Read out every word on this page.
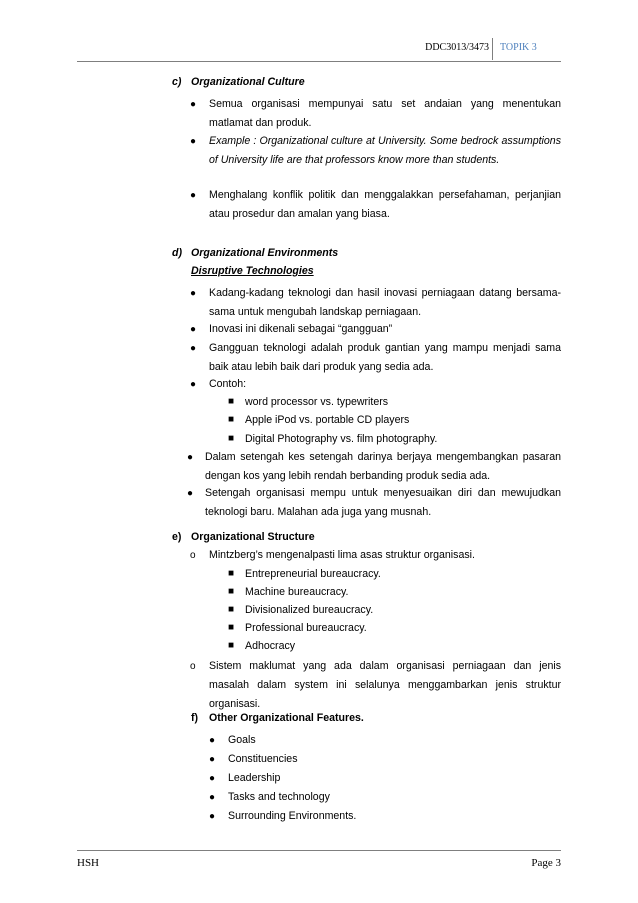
DDC3013/3473 TOPIK 3
c) Organizational Culture
● Semua organisasi mempunyai satu set andaian yang menentukan matlamat dan produk.
● Example : Organizational culture at University. Some bedrock assumptions of University life are that professors know more than students.
● Menghalang konflik politik dan menggalakkan persefahaman, perjanjian atau prosedur dan amalan yang biasa.
d) Organizational Environments
Disruptive Technologies
● Kadang-kadang teknologi dan hasil inovasi perniagaan datang bersama-sama untuk mengubah landskap perniagaan.
● Inovasi ini dikenali sebagai “gangguan”
● Gangguan teknologi adalah produk gantian yang mampu menjadi sama baik atau lebih baik dari produk yang sedia ada.
● Contoh:
■ word processor vs. typewriters
■ Apple iPod vs. portable CD players
■ Digital Photography vs. film photography.
● Dalam setengah kes setengah darinya berjaya mengembangkan pasaran dengan kos yang lebih rendah berbanding produk sedia ada.
● Setengah organisasi mempu untuk menyesuaikan diri dan mewujudkan teknologi baru. Malahan ada juga yang musnah.
e) Organizational Structure
o Mintzberg’s mengenalpasti lima asas struktur organisasi.
■ Entrepreneurial bureaucracy.
■ Machine bureaucracy.
■ Divisionalized bureaucracy.
■ Professional bureaucracy.
■ Adhocracy
o Sistem maklumat yang ada dalam organisasi perniagaan dan jenis masalah dalam system ini selalunya menggambarkan jenis struktur organisasi.
f) Other Organizational Features.
● Goals
● Constituencies
● Leadership
● Tasks and technology
● Surrounding Environments.
HSH	Page 3
